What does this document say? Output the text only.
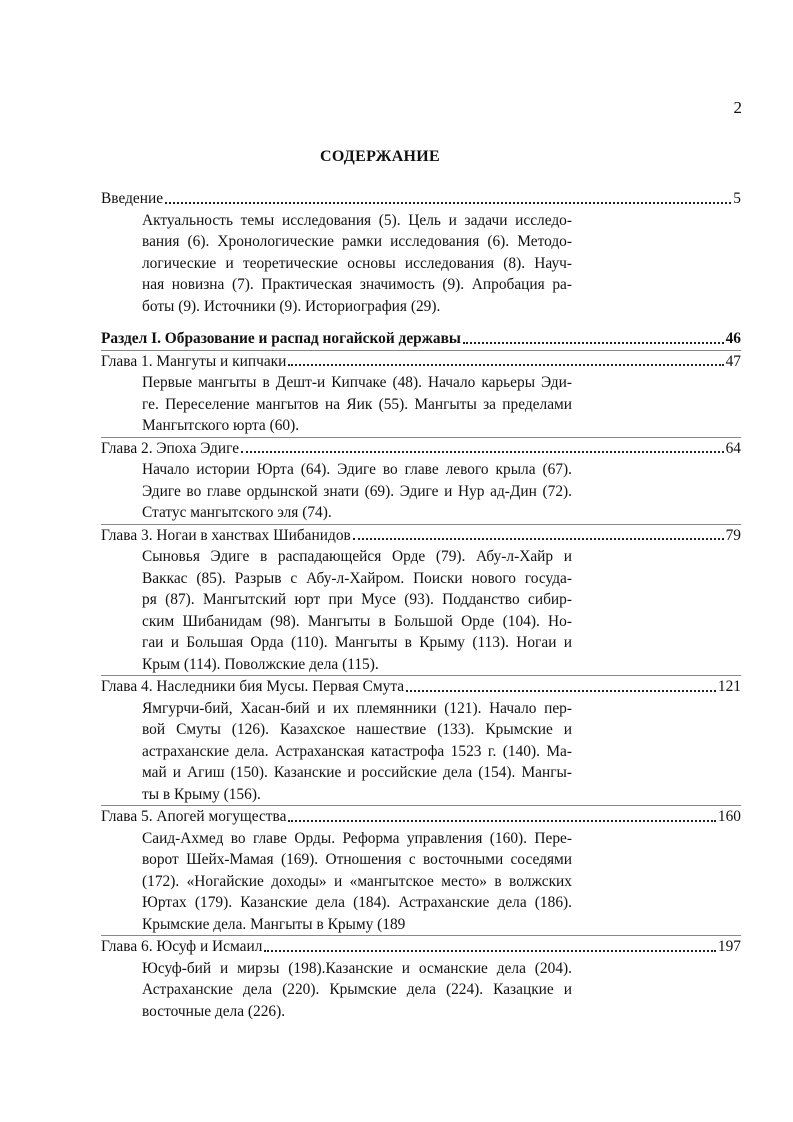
2
СОДЕРЖАНИЕ
Введение	5
Актуальность темы исследования (5). Цель и задачи исследо-
вания (6). Хронологические рамки исследования (6). Методо-
логические и теоретические основы исследования (8). Науч-
ная новизна (7). Практическая значимость (9). Апробация ра-
боты (9). Источники (9). Историография (29).
Раздел I. Образование и распад ногайской державы	46
Глава 1. Мангуты и кипчаки	47
Первые мангыты в Дешт-и Кипчаке (48). Начало карьеры Эди-
ге. Переселение мангытов на Яик (55). Мангыты за пределами
Мангытского юрта (60).
Глава 2. Эпоха Эдиге	64
Начало истории Юрта (64). Эдиге во главе левого крыла (67).
Эдиге во главе ордынской знати (69). Эдиге и Нур ад-Дин (72).
Статус мангытского эля (74).
Глава 3. Ногаи в ханствах Шибанидов	79
Сыновья Эдиге в распадающейся Орде (79). Абу-л-Хайр и
Ваккас (85). Разрыв с Абу-л-Хайром. Поиски нового госуда-
ря (87). Мангытский юрт при Мусе (93). Подданство сибир-
ским Шибанидам (98). Мангыты в Большой Орде (104). Но-
гаи и Большая Орда (110). Мангыты в Крыму (113). Ногаи и
Крым (114). Поволжские дела (115).
Глава 4. Наследники бия Мусы. Первая Смута	121
Ямгурчи-бий, Хасан-бий и их племянники (121). Начало пер-
вой Смуты (126). Казахское нашествие (133). Крымские и
астраханские дела. Астраханская катастрофа 1523 г. (140). Ма-
май и Агиш (150). Казанские и российские дела (154). Мангы-
ты в Крыму (156).
Глава 5. Апогей могущества	160
Саид-Ахмед во главе Орды. Реформа управления (160). Пере-
ворот Шейх-Мамая (169). Отношения с восточными соседями
(172). «Ногайские доходы» и «мангытское место» в волжских
Юртах (179). Казанские дела (184). Астраханские дела (186).
Крымские дела. Мангыты в Крыму (189
Глава 6. Юсуф и Исмаил	197
Юсуф-бий и мирзы (198).Казанские и османские дела (204).
Астраханские дела (220). Крымские дела (224). Казацкие и
восточные дела (226).
